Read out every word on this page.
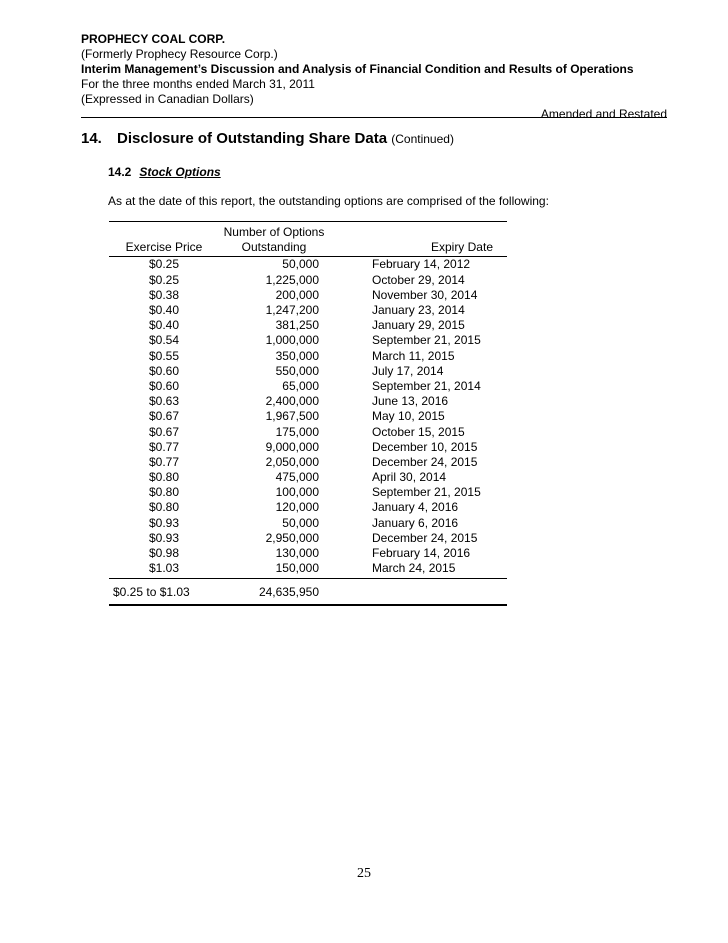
PROPHECY COAL CORP.
(Formerly Prophecy Resource Corp.)
Interim Management’s Discussion and Analysis of Financial Condition and Results of Operations
For the three months ended March 31, 2011
(Expressed in Canadian Dollars)
Amended and Restated
14. Disclosure of Outstanding Share Data (Continued)
14.2 Stock Options
As at the date of this report, the outstanding options are comprised of the following:
	Number of Options	
Exercise Price	Outstanding	Expiry Date
$0.25	50,000	February 14, 2012
$0.25	1,225,000	October 29, 2014
$0.38	200,000	November 30, 2014
$0.40	1,247,200	January 23, 2014
$0.40	381,250	January 29, 2015
$0.54	1,000,000	September 21, 2015
$0.55	350,000	March 11, 2015
$0.60	550,000	July 17, 2014
$0.60	65,000	September 21, 2014
$0.63	2,400,000	June 13, 2016
$0.67	1,967,500	May 10, 2015
$0.67	175,000	October 15, 2015
$0.77	9,000,000	December 10, 2015
$0.77	2,050,000	December 24, 2015
$0.80	475,000	April 30, 2014
$0.80	100,000	September 21, 2015
$0.80	120,000	January 4, 2016
$0.93	50,000	January 6, 2016
$0.93	2,950,000	December 24, 2015
$0.98	130,000	February 14, 2016
$1.03	150,000	March 24, 2015
$0.25 to $1.03	24,635,950	
25
